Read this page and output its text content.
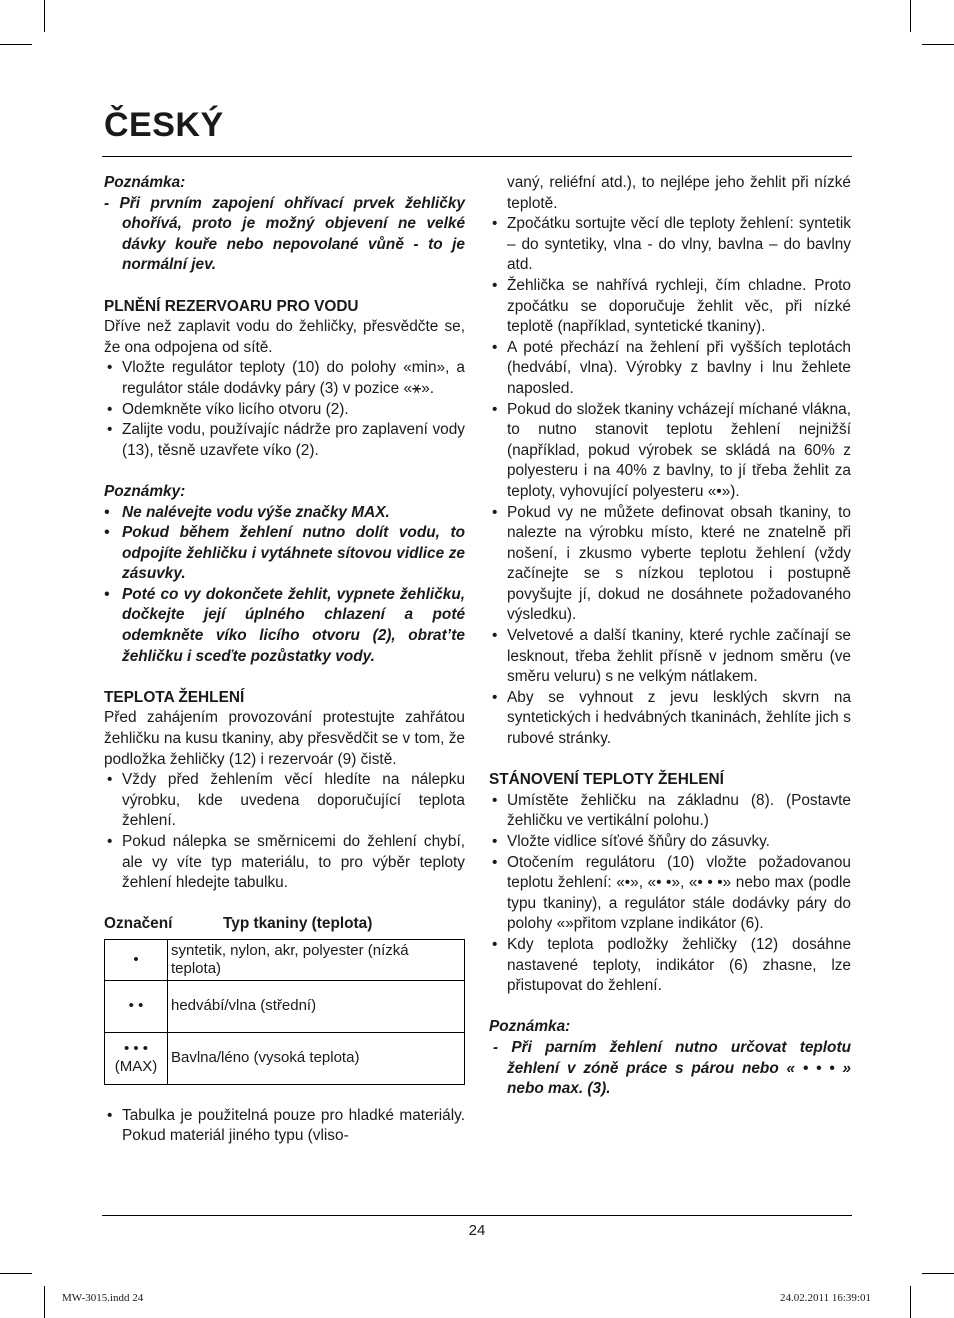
ČESKÝ

Poznámka:

- Při prvním zapojení ohřívací prvek žehličky ohořívá, proto je možný objevení ne velké dávky kouře nebo nepovolané vůně - to je normální jev.

PLNĚNÍ REZERVOARU PRO VODU

Dříve než zaplavit vodu do žehličky, přesvědčte se, že ona odpojena od sítě.

• Vložte regulátor teploty (10) do polohy «min», a regulátor stále dodávky páry (3) v pozice «⚹».
• Odemkněte víko licího otvoru (2).
• Zalijte vodu, používajíc nádrže pro zaplavení vody (13), těsně uzavřete víko (2).

Poznámky:

• Ne nalévejte vodu výše značky MAX.
• Pokud během žehlení nutno dolít vodu, to odpojíte žehličku i vytáhnete sítovou vidlice ze zásuvky.
• Poté co vy dokončete žehlit, vypnete žehličku, dočkejte její úplného chlazení a poté odemkněte víko licího otvoru (2), obrat’te žehličku i sceďte pozůstatky vody.

TEPLOTA ŽEHLENÍ

Před zahájením provozování protestujte zahřátou žehličku na kusu tkaniny, aby přesvědčit se v tom, že podložka žehličky (12) i rezervoár (9) čistě.

• Vždy před žehlením věcí hledíte na nálepku výrobku, kde uvedena doporučující teplota žehlení.
• Pokud nálepka se směrnicemi do žehlení chybí, ale vy víte typ materiálu, to pro výběr teploty žehlení hledejte tabulku.
Označení	Typ tkaniny (teplota)
•	syntetik, nylon, akr, polyester (nízká teplota)
• •	hedvábí/vlna (střední)

• • •
(MAX)	Bavlna/léno (vysoká teplota)
• Tabulka je použitelná pouze pro hladké materiály. Pokud materiál jiného typu (vliso-

vaný, reliéfní atd.), to nejlépe jeho žehlit při nízké teplotě.

• Zpočátku sortujte věcí dle teploty žehlení: syntetik – do syntetiky, vlna - do vlny, bavlna – do bavlny atd.
• Žehlička se nahřívá rychleji, čím chladne. Proto zpočátku se doporučuje žehlit věc, při nízké teplotě (například, syntetické tkaniny).
• A poté přechází na žehlení při vyšších teplotách (hedvábí, vlna). Výrobky z bavlny i lnu žehlete naposled.
• Pokud do složek tkaniny vcházejí míchané vlákna, to nutno stanovit teplotu žehlení nejnižší (například, pokud výrobek se skládá na 60% z polyesteru i na 40% z bavlny, to jí třeba žehlit za teploty, vyhovující polyesteru «•»).
• Pokud vy ne můžete definovat obsah tkaniny, to nalezte na výrobku místo, které ne znatelně při nošení, i zkusmo vyberte teplotu žehlení (vždy začínejte se s nízkou teplotou i postupně povyšujte jí, dokud ne dosáhnete požadovaného výsledku).
• Velvetové a další tkaniny, které rychle začínají se lesknout, třeba žehlit přísně v jednom směru (ve směru veluru) s ne velkým nátlakem.
• Aby se vyhnout z jevu lesklých skvrn na syntetických i hedvábných tkaninách, žehlíte jich s rubové stránky.

STÁNOVENÍ TEPLOTY ŽEHLENÍ

• Umístěte žehličku na základnu (8). (Postavte žehličku ve vertikální polohu.)
• Vložte vidlice síťové šňůry do zásuvky.
• Otočením regulátoru (10) vložte požadovanou teplotu žehlení: «•», «• •», «• • •» nebo max (podle typu tkaniny), a regulátor stále dodávky páry do polohy «»přitom vzplane indikátor (6).
• Kdy teplota podložky žehličky (12) dosáhne nastavené teploty, indikátor (6) zhasne, lze přistupovat do žehlení.

Poznámka:

- Při parním žehlení nutno určovat teplotu žehlení v zóně práce s párou nebo « • • • » nebo max. (3).

24
MW-3015.indd 24	24.02.2011 16:39:01
